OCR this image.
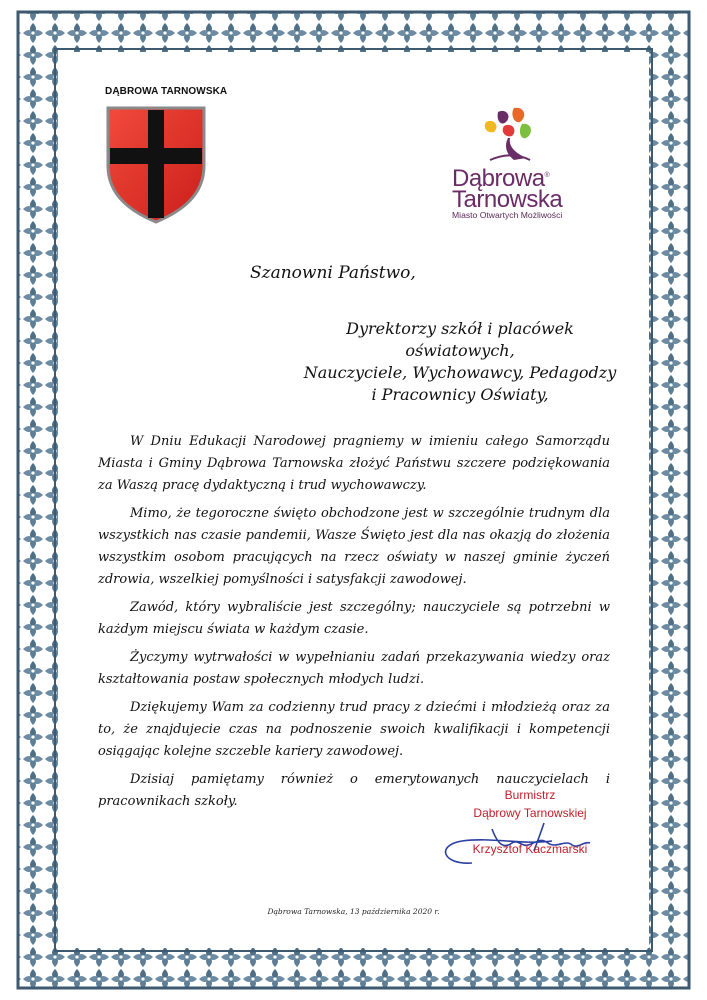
DĄBROWA TARNOWSKA
Dąbrowa®
Tarnowska
Miasto Otwartych Możliwości
Szanowni Państwo,
Dyrektorzy szkół i placówek oświatowych,
Nauczyciele, Wychowawcy, Pedagodzy
i Pracownicy Oświaty,

W Dniu Edukacji Narodowej pragniemy w imieniu całego Samorządu Miasta i Gminy Dąbrowa Tarnowska złożyć Państwu szczere podziękowania za Waszą pracę dydaktyczną i trud wychowawczy.

Mimo, że tegoroczne święto obchodzone jest w szczególnie trudnym dla wszystkich nas czasie pandemii, Wasze Święto jest dla nas okazją do złożenia wszystkim osobom pracujących na rzecz oświaty w naszej gminie życzeń zdrowia, wszelkiej pomyślności i satysfakcji zawodowej.

Zawód, który wybraliście jest szczególny; nauczyciele są potrzebni w każdym miejscu świata w każdym czasie.

Życzymy wytrwałości w wypełnianiu zadań przekazywania wiedzy oraz kształtowania postaw społecznych młodych ludzi.

Dziękujemy Wam za codzienny trud pracy z dziećmi i młodzieżą oraz za to, że znajdujecie czas na podnoszenie swoich kwalifikacji i kompetencji osiągając kolejne szczeble kariery zawodowej.

Dzisiaj pamiętamy również o emerytowanych nauczycielach i pracownikach szkoły.	Burmistrz
Dąbrowy Tarnowskiej
Krzysztof Kaczmarski
Dąbrowa Tarnowska, 13 października 2020 r.
